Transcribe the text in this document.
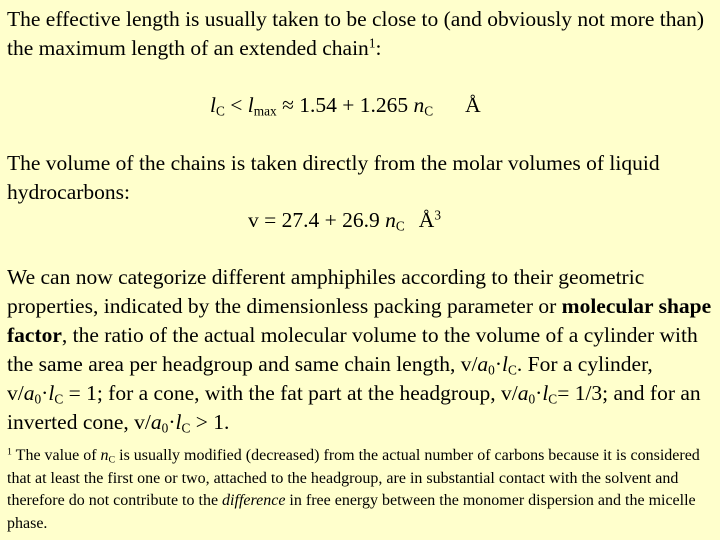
The effective length is usually taken to be close to (and obviously not more than) the maximum length of an extended chain$^1$:

$l_C < l_{max} \approx 1.54 + 1.265$ $n_C$ Å

The volume of the chains is taken directly from the molar volumes of liquid hydrocarbons:

v = 27.4 + 26.9 $n_C$ $Å^3$

We can now categorize different amphiphiles according to their geometric properties, indicated by the dimensionless packing parameter or molecular shape factor, the ratio of the actual molecular volume to the volume of a cylinder with the same area per headgroup and same chain length, $v/a_0\cdot l_C$. For a cylinder, $v/a_0\cdot l_C = 1$; for a cone, with the fat part at the headgroup, $v/a_0\cdot l_C= 1/3$; and for an inverted cone, $v/a_0\cdot l_C > 1$.

$^1$ The value of $n_C$ is usually modified (decreased) from the actual number of carbons because it is considered that at least the first one or two, attached to the headgroup, are in substantial contact with the solvent and therefore do not contribute to the difference in free energy between the monomer dispersion and the micelle phase.
